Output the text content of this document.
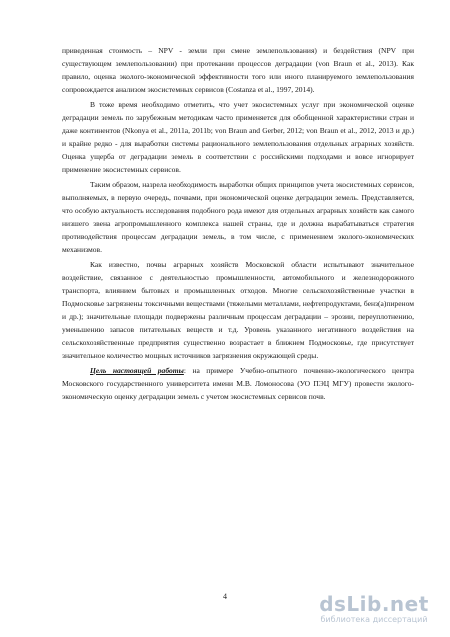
приведенная стоимость – NPV - земли при смене землепользования) и бездействия (NPV при существующем землепользовании) при протекании процессов деградации (von Braun et al., 2013). Как правило, оценка эколого-экономической эффективности того или иного планируемого землепользования сопровождается анализом экосистемных сервисов (Costanza et al., 1997, 2014).

В тоже время необходимо отметить, что учет экосистемных услуг при экономической оценке деградации земель по зарубежным методикам часто применяется для обобщенной характеристики стран и даже континентов (Nkonya et al., 2011a, 2011b; von Braun and Gerber, 2012; von Braun et al., 2012, 2013 и др.) и крайне редко - для выработки системы рационального землепользования отдельных аграрных хозяйств. Оценка ущерба от деградации земель в соответствии с российскими подходами и вовсе игнорирует применение экосистемных сервисов.

Таким образом, назрела необходимость выработки общих принципов учета экосистемных сервисов, выполняемых, в первую очередь, почвами, при экономической оценке деградации земель. Представляется, что особую актуальность исследования подобного рода имеют для отдельных аграрных хозяйств как самого низшего звена агропромышленного комплекса нашей страны, где и должна вырабатываться стратегия противодействия процессам деградации земель, в том числе, с применением эколого-экономических механизмов.

Как известно, почвы аграрных хозяйств Московской области испытывают значительное воздействие, связанное с деятельностью промышленности, автомобильного и железнодорожного транспорта, влиянием бытовых и промышленных отходов. Многие сельскохозяйственные участки в Подмосковье загрязнены токсичными веществами (тяжелыми металлами, нефтепродуктами, бенз(а)пиреном и др.); значительные площади подвержены различным процессам деградации – эрозии, переуплотнению, уменьшению запасов питательных веществ и т.д. Уровень указанного негативного воздействия на сельскохозяйственные предприятия существенно возрастает в ближнем Подмосковье, где присутствует значительное количество мощных источников загрязнения окружающей среды.

Цель настоящей работы: на примере Учебно-опытного почвенно-экологического центра Московского государственного университета имени М.В. Ломоносова (УО ПЭЦ МГУ) провести эколого-экономическую оценку деградации земель с учетом экосистемных сервисов почв.

4	dsLib.net
библиотека диссертаций
